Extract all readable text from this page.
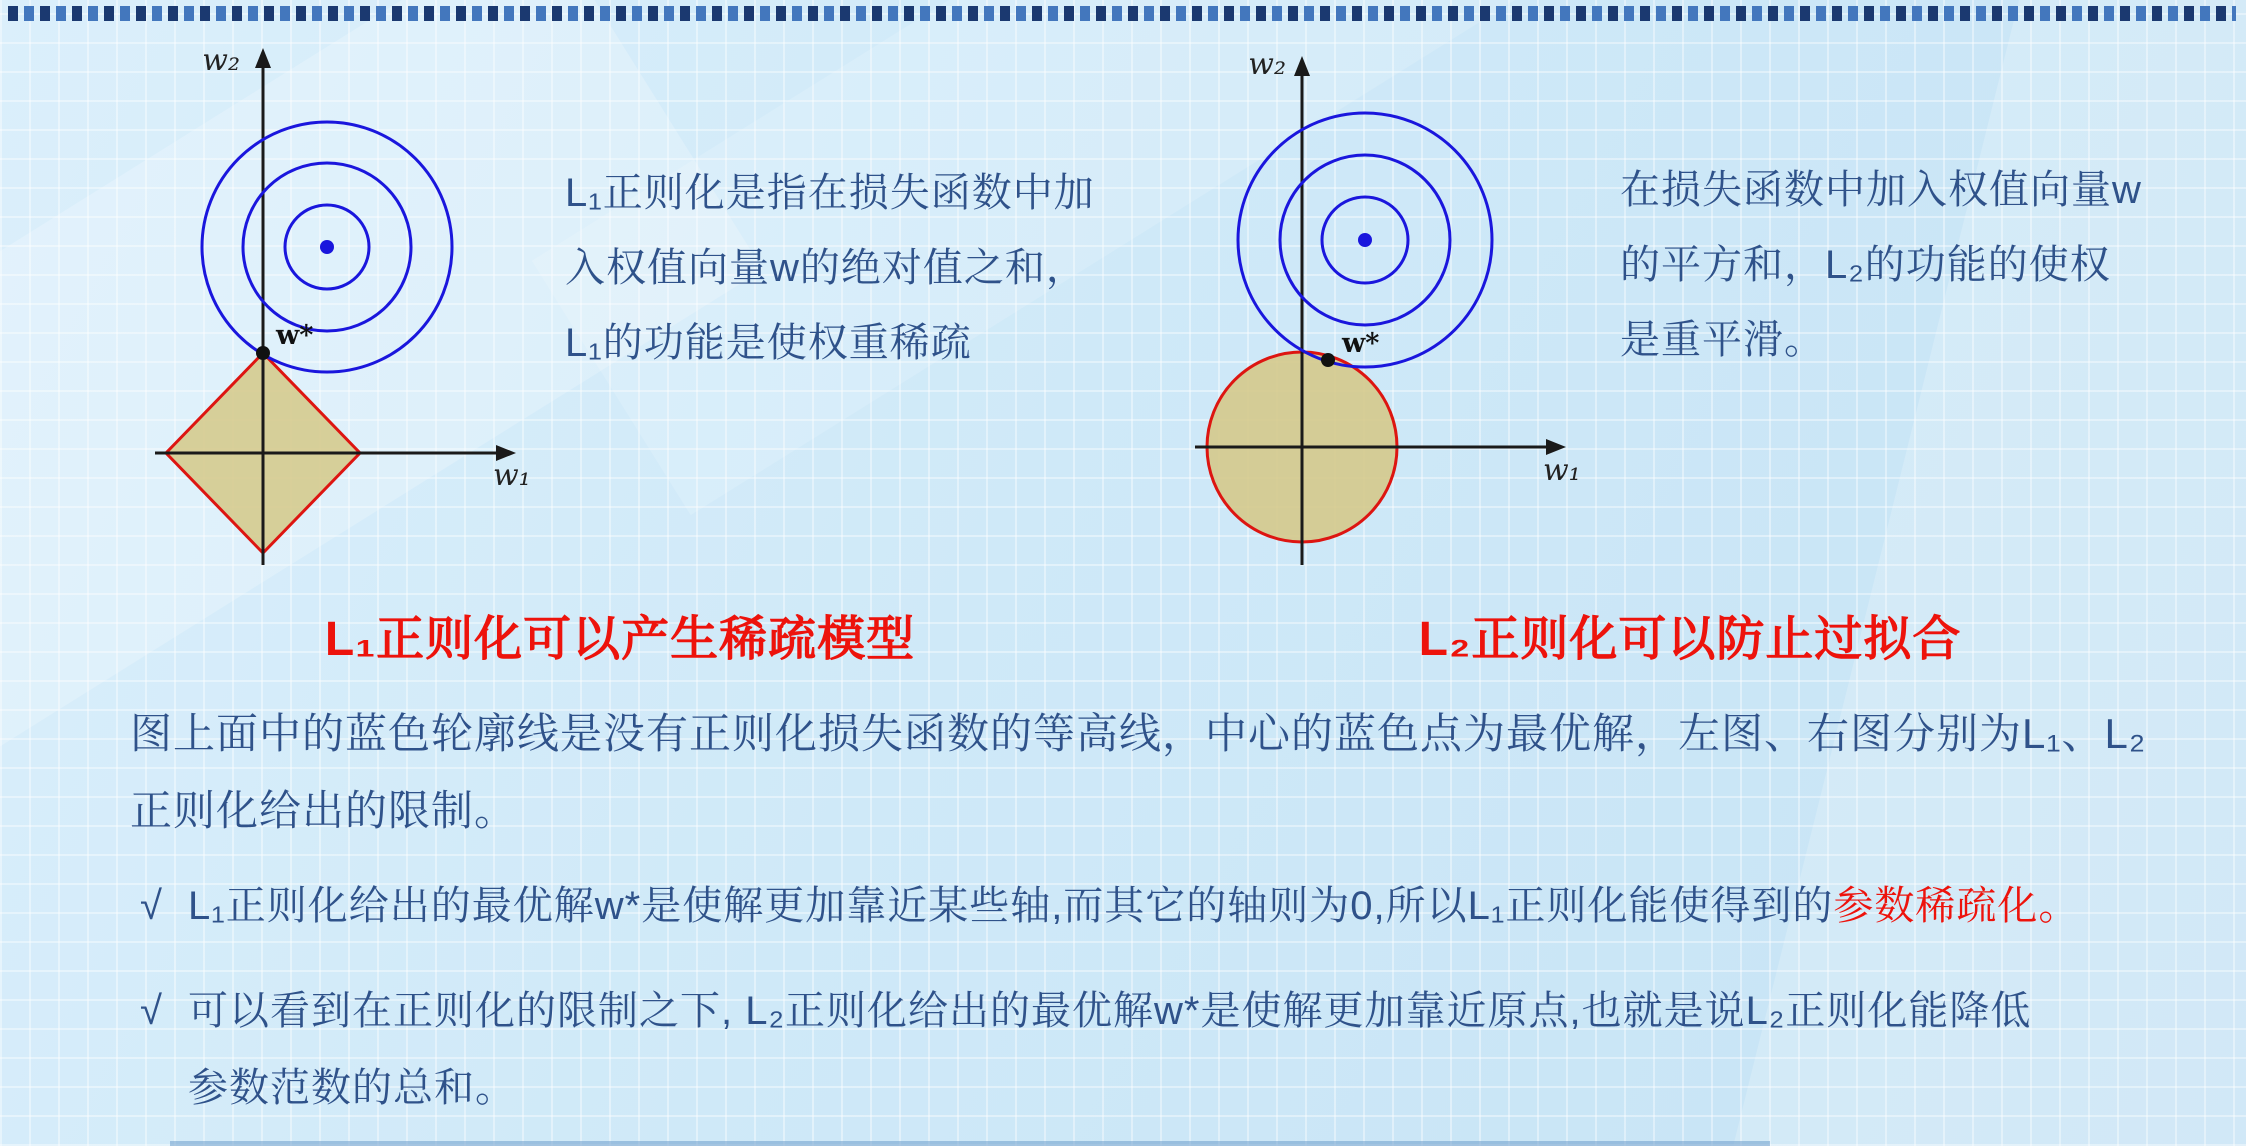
w₂
w₁
w*
w₂
w₁
w*
L₁正则化是指在损失函数中加
入权值向量w的绝对值之和，
L₁的功能是使权重稀疏
在损失函数中加入权值向量w
的平方和，L₂的功能的使权
是重平滑。
L₁正则化可以产生稀疏模型	L₂正则化可以防止过拟合
图上面中的蓝色轮廓线是没有正则化损失函数的等高线，中心的蓝色点为最优解，左图、右图分别为L₁、L₂
正则化给出的限制。
√ L₁正则化给出的最优解w*是使解更加靠近某些轴,而其它的轴则为0,所以L₁正则化能使得到的参数稀疏化。
√ 可以看到在正则化的限制之下, L₂正则化给出的最优解w*是使解更加靠近原点,也就是说L₂正则化能降低
参数范数的总和。
